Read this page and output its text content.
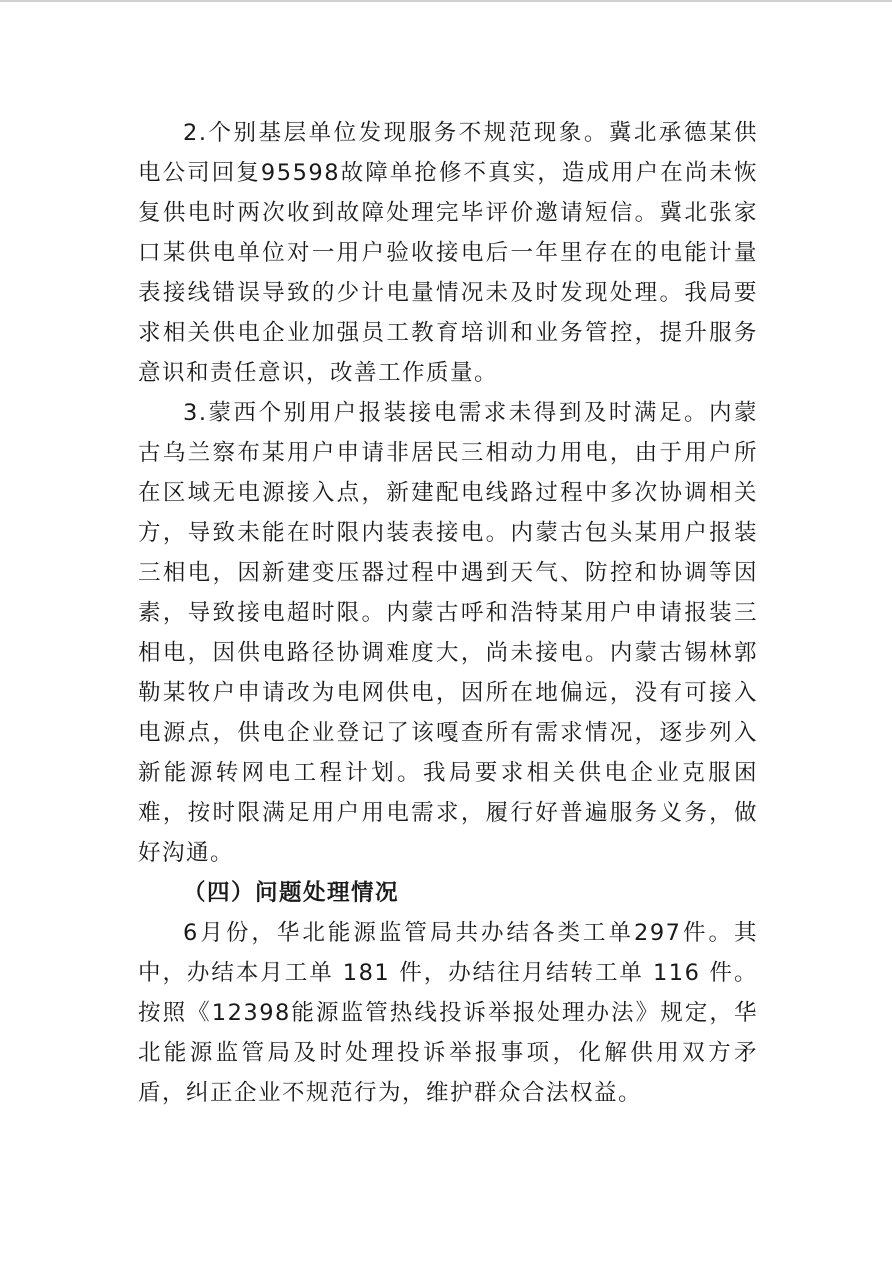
2.个别基层单位发现服务不规范现象。冀北承德某供电公司回复95598故障单抢修不真实，造成用户在尚未恢复供电时两次收到故障处理完毕评价邀请短信。冀北张家口某供电单位对一用户验收接电后一年里存在的电能计量表接线错误导致的少计电量情况未及时发现处理。我局要求相关供电企业加强员工教育培训和业务管控，提升服务意识和责任意识，改善工作质量。

3.蒙西个别用户报装接电需求未得到及时满足。内蒙古乌兰察布某用户申请非居民三相动力用电，由于用户所在区域无电源接入点，新建配电线路过程中多次协调相关方，导致未能在时限内装表接电。内蒙古包头某用户报装三相电，因新建变压器过程中遇到天气、防控和协调等因素，导致接电超时限。内蒙古呼和浩特某用户申请报装三相电，因供电路径协调难度大，尚未接电。内蒙古锡林郭勒某牧户申请改为电网供电，因所在地偏远，没有可接入电源点，供电企业登记了该嘎查所有需求情况，逐步列入新能源转网电工程计划。我局要求相关供电企业克服困难，按时限满足用户用电需求，履行好普遍服务义务，做好沟通。

（四）问题处理情况

6月份，华北能源监管局共办结各类工单297件。其中，办结本月工单 181 件，办结往月结转工单 116 件。按照《12398能源监管热线投诉举报处理办法》规定，华北能源监管局及时处理投诉举报事项，化解供用双方矛盾，纠正企业不规范行为，维护群众合法权益。
